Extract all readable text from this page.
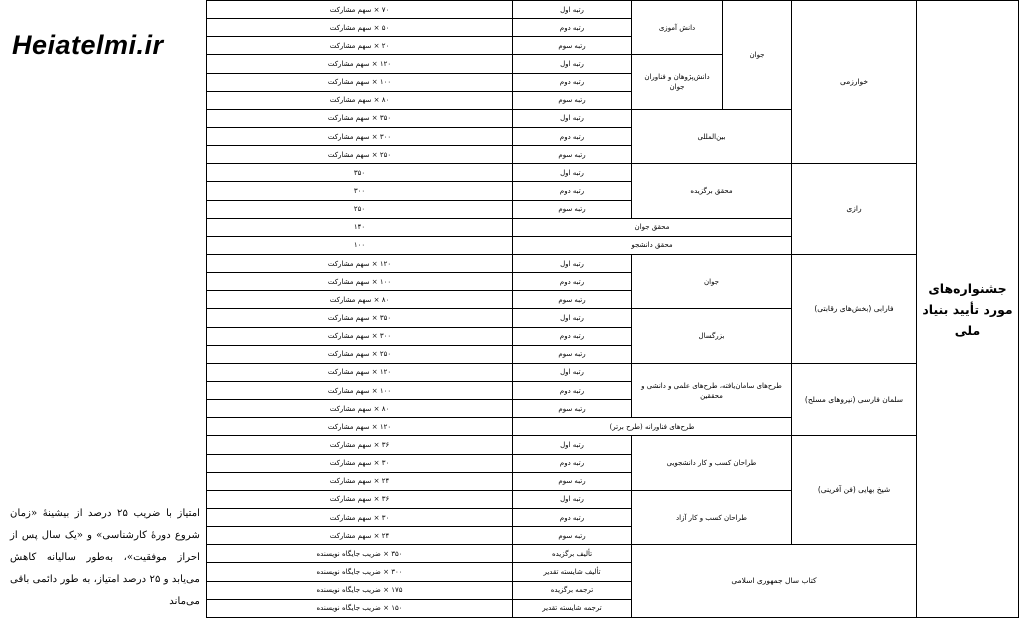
Heiatelmi.ir
امتیاز با ضریب ۲۵ درصد از بیشینهٔ «زمان شروع دورهٔ کارشناسی» و «یک سال پس از احراز موفقیت»، به‌طور سالیانه کاهش می‌یابد و ۲۵ درصد امتیاز، به طور دائمی باقی می‌ماند
جشنواره‌های مورد تأیید بنیاد ملی	خوارزمی	جوان	دانش آموزی	رتبه اول	۷۰ × سهم مشارکت
				رتبه دوم	۵۰ × سهم مشارکت
				رتبه سوم	۲۰ × سهم مشارکت
			دانش‌پژوهان و فناوران جوان	رتبه اول	۱۲۰ × سهم مشارکت
				رتبه دوم	۱۰۰ × سهم مشارکت
				رتبه سوم	۸۰ × سهم مشارکت
		بین‌المللی		رتبه اول	۳۵۰ × سهم مشارکت
				رتبه دوم	۳۰۰ × سهم مشارکت
				رتبه سوم	۲۵۰ × سهم مشارکت
	رازی	محقق برگزیده		رتبه اول	۳۵۰
				رتبه دوم	۳۰۰
				رتبه سوم	۲۵۰
		محقق جوان			۱۴۰
		محقق دانشجو			۱۰۰
	فارابی (بخش‌های رقابتی)	جوان		رتبه اول	۱۲۰ × سهم مشارکت
				رتبه دوم	۱۰۰ × سهم مشارکت
				رتبه سوم	۸۰ × سهم مشارکت
		بزرگسال		رتبه اول	۳۵۰ × سهم مشارکت
				رتبه دوم	۳۰۰ × سهم مشارکت
				رتبه سوم	۲۵۰ × سهم مشارکت
	سلمان فارسی (نیروهای مسلح)	طرح‌های سامان‌یافته، طرح‌های علمی و دانشی و محققین		رتبه اول	۱۲۰ × سهم مشارکت
				رتبه دوم	۱۰۰ × سهم مشارکت
				رتبه سوم	۸۰ × سهم مشارکت
		طرح‌های فناورانه (طرح برتر)			۱۲۰ × سهم مشارکت
	شیخ بهایی (فن آفرینی)	طراحان کسب و کار دانشجویی		رتبه اول	۳۶ × سهم مشارکت
				رتبه دوم	۳۰ × سهم مشارکت
				رتبه سوم	۲۴ × سهم مشارکت
		طراحان کسب و کار آزاد		رتبه اول	۳۶ × سهم مشارکت
				رتبه دوم	۳۰ × سهم مشارکت
				رتبه سوم	۲۴ × سهم مشارکت
	کتاب سال جمهوری اسلامی			تألیف برگزیده	۳۵۰ × ضریب جایگاه نویسنده
				تألیف شایسته تقدیر	۳۰۰ × ضریب جایگاه نویسنده
				ترجمه برگزیده	۱۷۵ × ضریب جایگاه نویسنده
				ترجمه شایسته تقدیر	۱۵۰ × ضریب جایگاه نویسنده
